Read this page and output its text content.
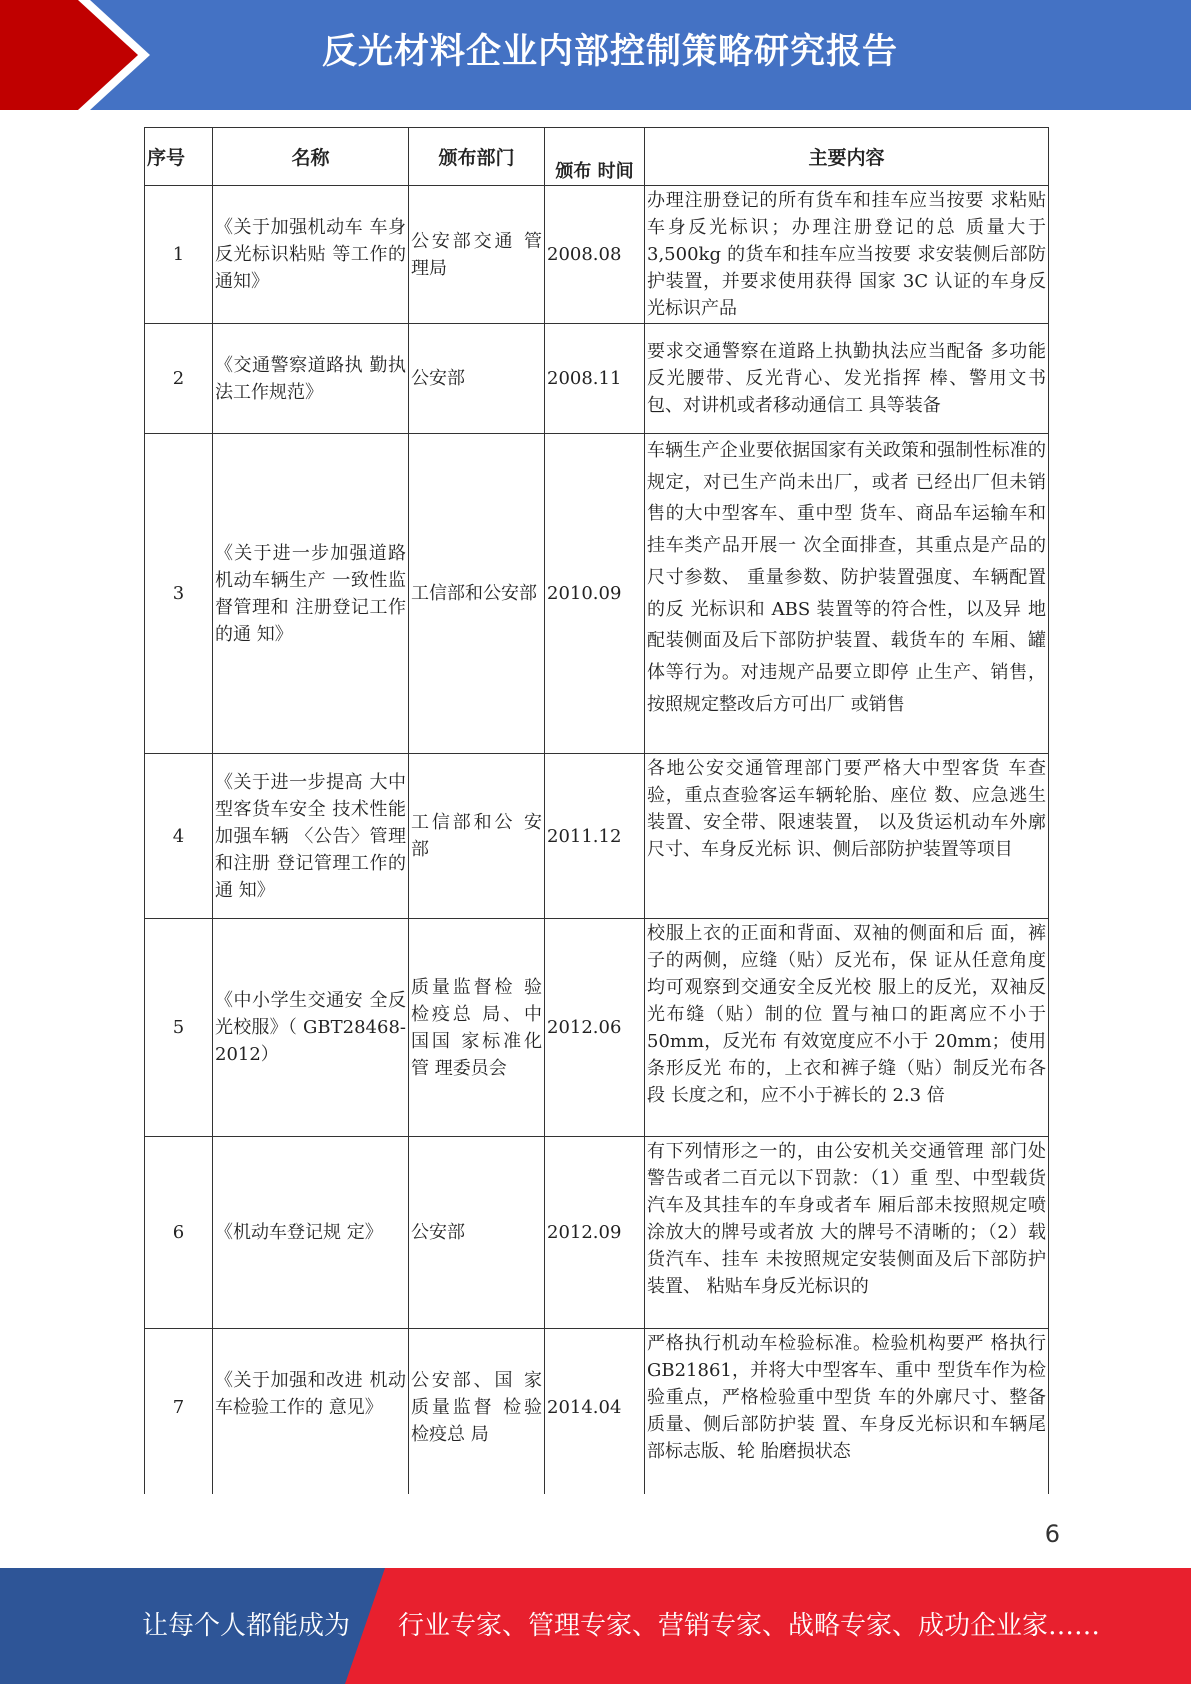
反光材料企业内部控制策略研究报告
序号	名称	颁布部门	颁布 时间	主要内容
1	《关于加强机动车 车身反光标识粘贴 等工作的通知》	公安部交通 管理局	2008.08	办理注册登记的所有货车和挂车应当按要 求粘贴车身反光标识；办理注册登记的总 质量大于 3,500kg 的货车和挂车应当按要 求安装侧后部防护装置，并要求使用获得 国家 3C 认证的车身反光标识产品
2	《交通警察道路执 勤执法工作规范》	公安部	2008.11	要求交通警察在道路上执勤执法应当配备 多功能反光腰带、反光背心、发光指挥 棒、警用文书包、对讲机或者移动通信工 具等装备
3	《关于进一步加强道路机动车辆生产 一致性监督管理和 注册登记工作的通 知》	工信部和公安部	2010.09	车辆生产企业要依据国家有关政策和强制性标准的规定，对已生产尚未出厂，或者 已经出厂但未销售的大中型客车、重中型 货车、商品车运输车和挂车类产品开展一 次全面排查，其重点是产品的尺寸参数、 重量参数、防护装置强度、车辆配置的反 光标识和 ABS 装置等的符合性，以及异 地配装侧面及后下部防护装置、载货车的 车厢、罐体等行为。对违规产品要立即停 止生产、销售，按照规定整改后方可出厂 或销售
4	《关于进一步提高 大中型客货车安全 技术性能加强车辆 〈公告〉管理和注册 登记管理工作的通 知》	工信部和公 安部	2011.12	各地公安交通管理部门要严格大中型客货 车查验，重点查验客运车辆轮胎、座位 数、应急逃生装置、安全带、限速装置， 以及货运机动车外廓尺寸、车身反光标 识、侧后部防护装置等项目
5	《中小学生交通安 全反光校服》（ GBT28468-2012）	质量监督检 验检疫总 局、中国国 家标准化管 理委员会	2012.06	校服上衣的正面和背面、双袖的侧面和后 面，裤子的两侧，应缝（贴）反光布，保 证从任意角度均可观察到交通安全反光校 服上的反光，双袖反光布缝（贴）制的位 置与袖口的距离应不小于 50mm，反光布 有效宽度应不小于 20mm；使用条形反光 布的，上衣和裤子缝（贴）制反光布各段 长度之和，应不小于裤长的 2.3 倍
6	《机动车登记规 定》	公安部	2012.09	有下列情形之一的，由公安机关交通管理 部门处警告或者二百元以下罚款：（1）重 型、中型载货汽车及其挂车的车身或者车 厢后部未按照规定喷涂放大的牌号或者放 大的牌号不清晰的；（2）载货汽车、挂车 未按照规定安装侧面及后下部防护装置、 粘贴车身反光标识的
7	《关于加强和改进 机动车检验工作的 意见》	公安部、国 家质量监督 检验检疫总 局	2014.04	严格执行机动车检验标准。检验机构要严 格执行 GB21861，并将大中型客车、重中 型货车作为检验重点，严格检验重中型货 车的外廓尺寸、整备质量、侧后部防护装 置、车身反光标识和车辆尾部标志版、轮 胎磨损状态
6
让每个人都能成为 行业专家、管理专家、营销专家、战略专家、成功企业家……
